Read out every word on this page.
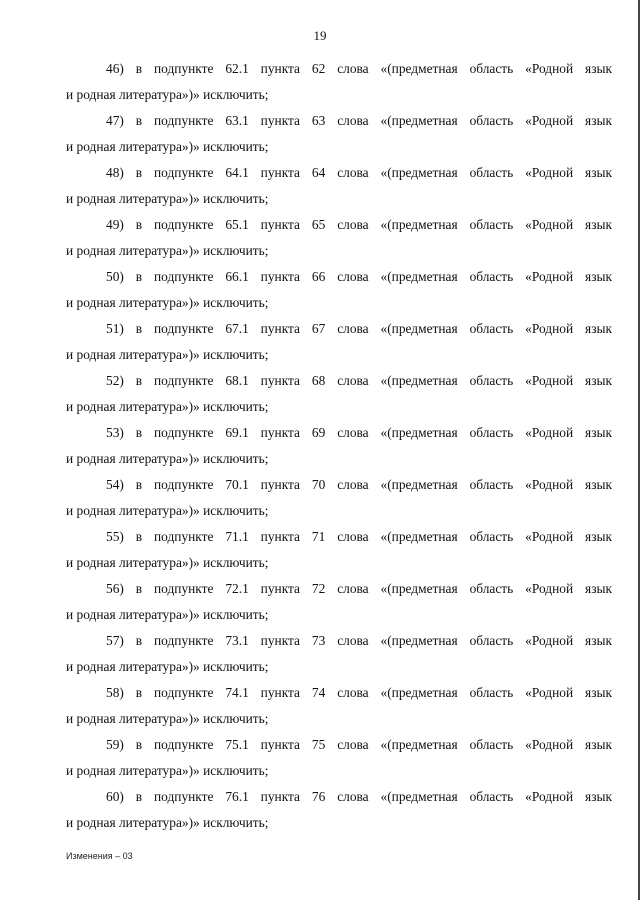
19
46) в подпункте 62.1 пункта 62 слова «(предметная область «Родной язык
и родная литература»)» исключить;
47) в подпункте 63.1 пункта 63 слова «(предметная область «Родной язык
и родная литература»)» исключить;
48) в подпункте 64.1 пункта 64 слова «(предметная область «Родной язык
и родная литература»)» исключить;
49) в подпункте 65.1 пункта 65 слова «(предметная область «Родной язык
и родная литература»)» исключить;
50) в подпункте 66.1 пункта 66 слова «(предметная область «Родной язык
и родная литература»)» исключить;
51) в подпункте 67.1 пункта 67 слова «(предметная область «Родной язык
и родная литература»)» исключить;
52) в подпункте 68.1 пункта 68 слова «(предметная область «Родной язык
и родная литература»)» исключить;
53) в подпункте 69.1 пункта 69 слова «(предметная область «Родной язык
и родная литература»)» исключить;
54) в подпункте 70.1 пункта 70 слова «(предметная область «Родной язык
и родная литература»)» исключить;
55) в подпункте 71.1 пункта 71 слова «(предметная область «Родной язык
и родная литература»)» исключить;
56) в подпункте 72.1 пункта 72 слова «(предметная область «Родной язык
и родная литература»)» исключить;
57) в подпункте 73.1 пункта 73 слова «(предметная область «Родной язык
и родная литература»)» исключить;
58) в подпункте 74.1 пункта 74 слова «(предметная область «Родной язык
и родная литература»)» исключить;
59) в подпункте 75.1 пункта 75 слова «(предметная область «Родной язык
и родная литература»)» исключить;
60) в подпункте 76.1 пункта 76 слова «(предметная область «Родной язык
и родная литература»)» исключить;
Изменения – 03
